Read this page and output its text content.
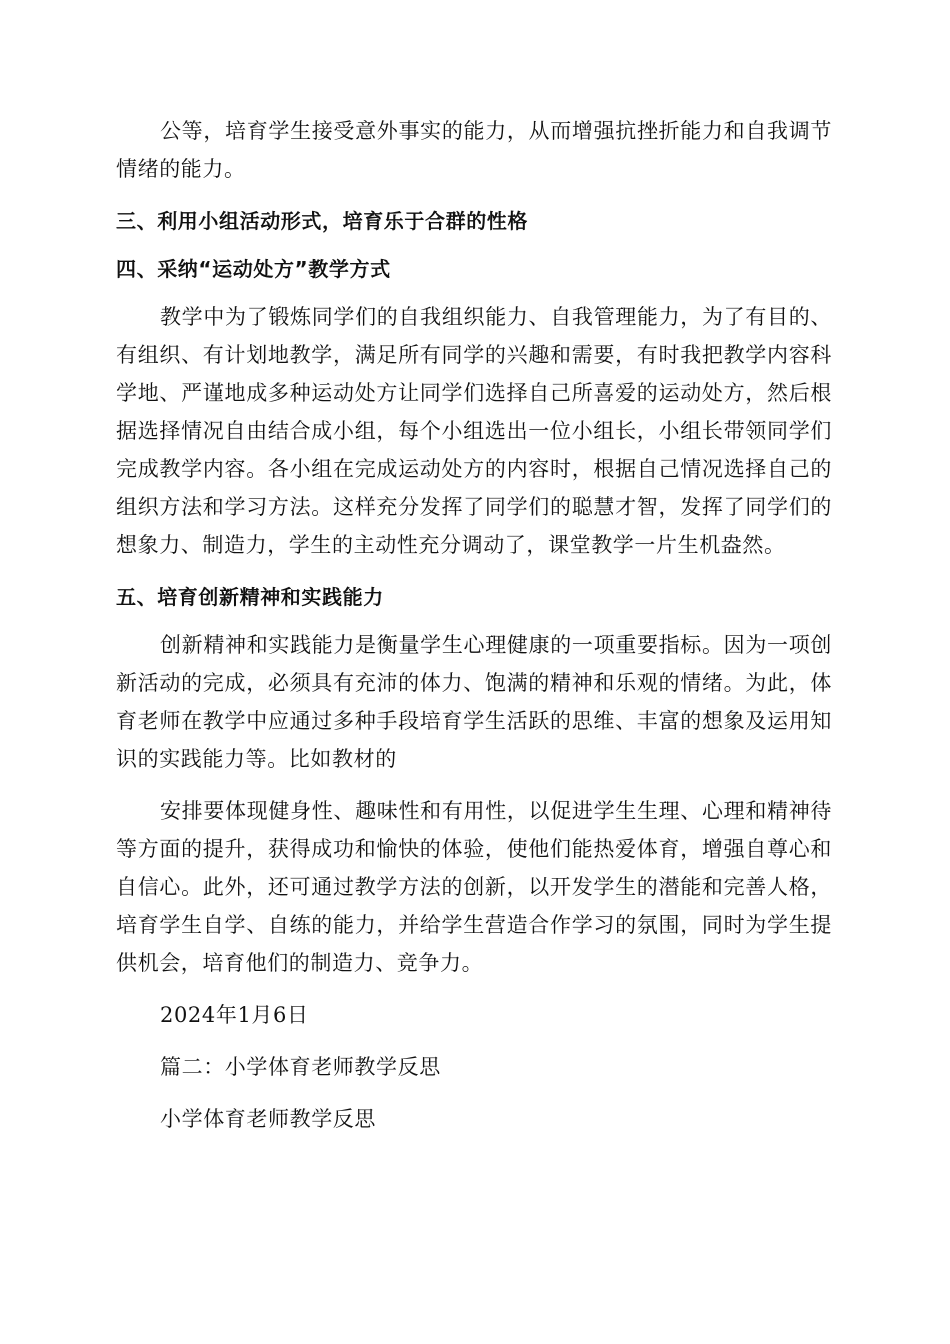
公等，培育学生接受意外事实的能力，从而增强抗挫折能力和自我调节情绪的能力。

三、利用小组活动形式，培育乐于合群的性格

四、采纳“运动处方”教学方式

教学中为了锻炼同学们的自我组织能力、自我管理能力，为了有目的、有组织、有计划地教学，满足所有同学的兴趣和需要，有时我把教学内容科学地、严谨地成多种运动处方让同学们选择自己所喜爱的运动处方，然后根据选择情况自由结合成小组，每个小组选出一位小组长，小组长带领同学们完成教学内容。各小组在完成运动处方的内容时，根据自己情况选择自己的组织方法和学习方法。这样充分发挥了同学们的聪慧才智，发挥了同学们的想象力、制造力，学生的主动性充分调动了，课堂教学一片生机盎然。

五、培育创新精神和实践能力

创新精神和实践能力是衡量学生心理健康的一项重要指标。因为一项创新活动的完成，必须具有充沛的体力、饱满的精神和乐观的情绪。为此，体育老师在教学中应通过多种手段培育学生活跃的思维、丰富的想象及运用知识的实践能力等。比如教材的

安排要体现健身性、趣味性和有用性，以促进学生生理、心理和精神待等方面的提升，获得成功和愉快的体验，使他们能热爱体育，增强自尊心和自信心。此外，还可通过教学方法的创新，以开发学生的潜能和完善人格，培育学生自学、自练的能力，并给学生营造合作学习的氛围，同时为学生提供机会，培育他们的制造力、竞争力。

2024年1月6日

篇二：小学体育老师教学反思

小学体育老师教学反思
